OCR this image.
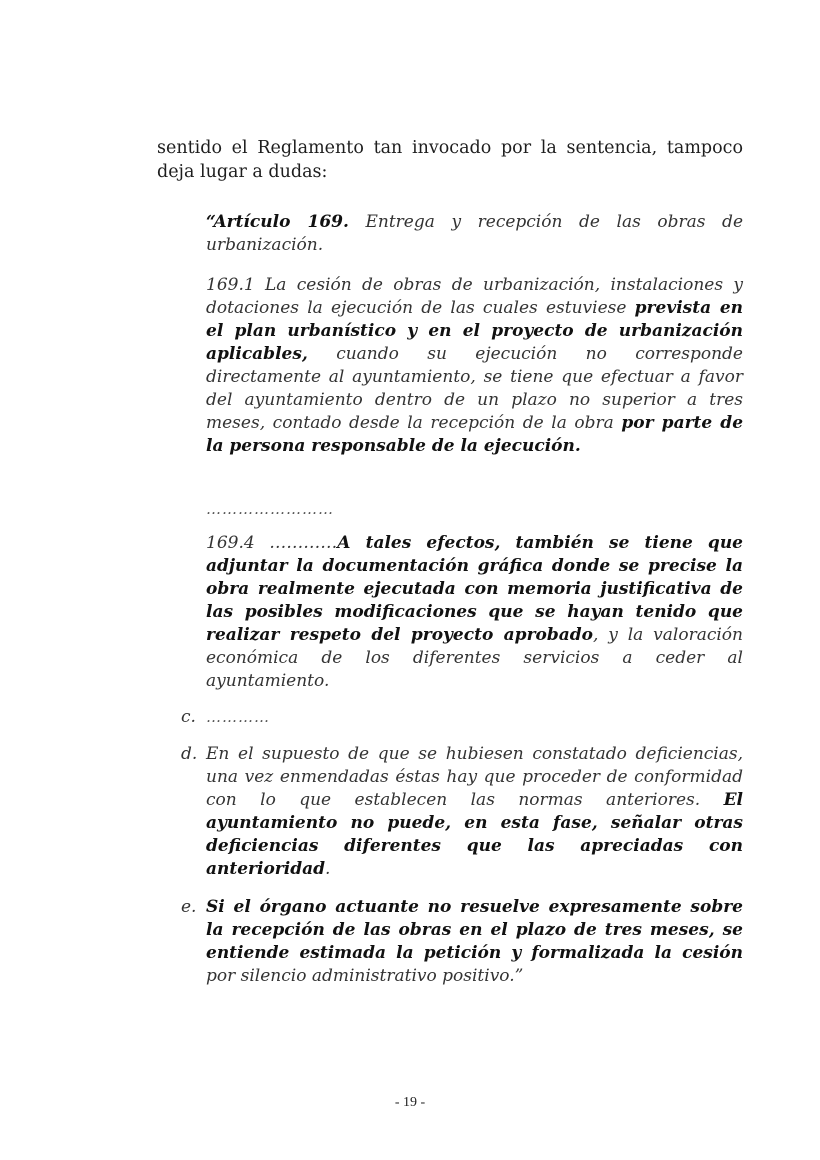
sentido el Reglamento tan invocado por la sentencia, tampoco deja lugar a dudas:

“Artículo 169. Entrega y recepción de las obras de urbanización.

169.1 La cesión de obras de urbanización, instalaciones y dotaciones la ejecución de las cuales estuviese prevista en el plan urbanístico y en el proyecto de urbanización aplicables, cuando su ejecución no corresponde directamente al ayuntamiento, se tiene que efectuar a favor del ayuntamiento dentro de un plazo no superior a tres meses, contado desde la recepción de la obra por parte de la persona responsable de la ejecución.

……………………

169.4 …………A tales efectos, también se tiene que adjuntar la documentación gráfica donde se precise la obra realmente ejecutada con memoria justificativa de las posibles modificaciones que se hayan tenido que realizar respeto del proyecto aprobado, y la valoración económica de los diferentes servicios a ceder al ayuntamiento.

c. …………
d. En el supuesto de que se hubiesen constatado deficiencias, una vez enmendadas éstas hay que proceder de conformidad con lo que establecen las normas anteriores. El ayuntamiento no puede, en esta fase, señalar otras deficiencias diferentes que las apreciadas con anterioridad.

e. Si el órgano actuante no resuelve expresamente sobre la recepción de las obras en el plazo de tres meses, se entiende estimada la petición y formalizada la cesión por silencio administrativo positivo.”

- 19 -
